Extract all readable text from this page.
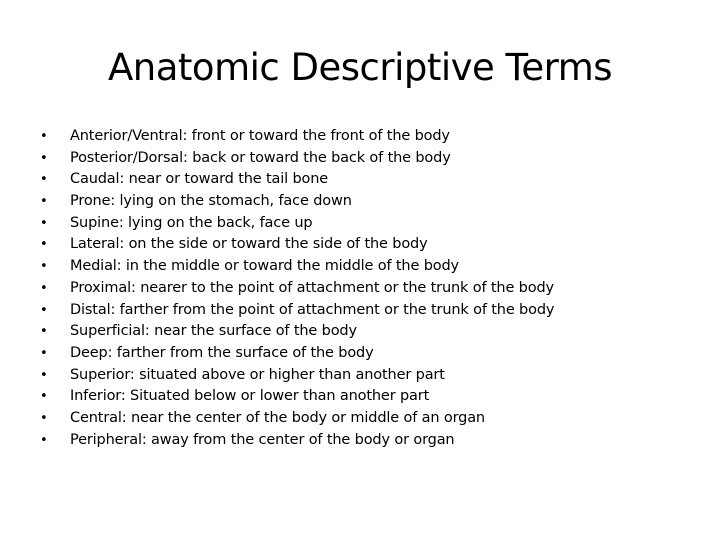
Anatomic Descriptive Terms
• Anterior/Ventral: front or toward the front of the body
• Posterior/Dorsal: back or toward the back of the body
• Caudal: near or toward the tail bone
• Prone: lying on the stomach, face down
• Supine: lying on the back, face up
• Lateral: on the side or toward the side of the body
• Medial: in the middle or toward the middle of the body
• Proximal: nearer to the point of attachment or the trunk of the body
• Distal: farther from the point of attachment or the trunk of the body
• Superficial: near the surface of the body
• Deep: farther from the surface of the body
• Superior: situated above or higher than another part
• Inferior: Situated below or lower than another part
• Central: near the center of the body or middle of an organ
• Peripheral: away from the center of the body or organ
